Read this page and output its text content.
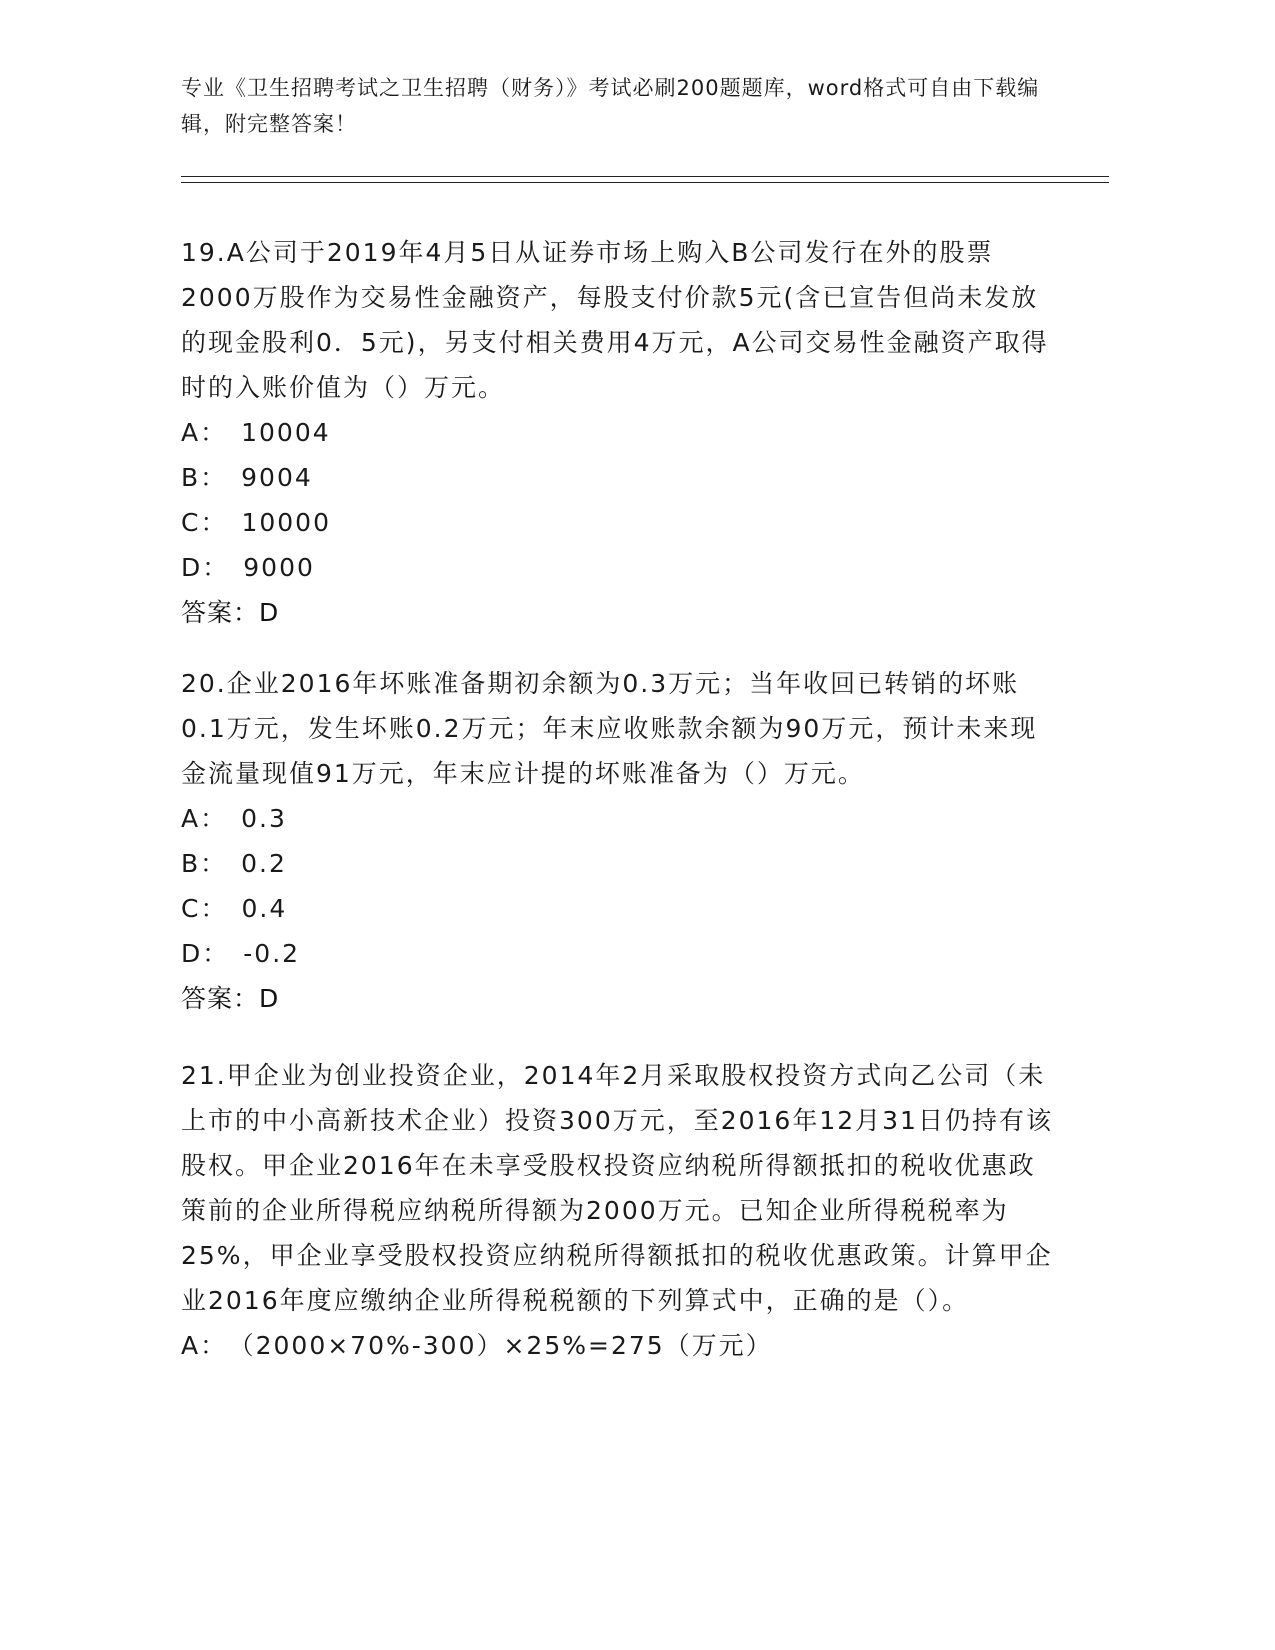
专业《卫生招聘考试之卫生招聘（财务）》考试必刷200题题库，word格式可自由下载编辑，附完整答案！

19.A公司于2019年4月5日从证券市场上购入B公司发行在外的股票2000万股作为交易性金融资产，每股支付价款5元(含已宣告但尚未发放的现金股利0．5元)，另支付相关费用4万元，A公司交易性金融资产取得时的入账价值为（）万元。

A： 10004
B： 9004
C： 10000
D： 9000
答案：D

20.企业2016年坏账准备期初余额为0.3万元；当年收回已转销的坏账0.1万元，发生坏账0.2万元；年末应收账款余额为90万元，预计未来现金流量现值91万元，年末应计提的坏账准备为（）万元。

A： 0.3
B： 0.2
C： 0.4
D： -0.2
答案：D

21.甲企业为创业投资企业，2014年2月采取股权投资方式向乙公司（未上市的中小高新技术企业）投资300万元，至2016年12月31日仍持有该股权。甲企业2016年在未享受股权投资应纳税所得额抵扣的税收优惠政策前的企业所得税应纳税所得额为2000万元。已知企业所得税税率为25%，甲企业享受股权投资应纳税所得额抵扣的税收优惠政策。计算甲企业2016年度应缴纳企业所得税税额的下列算式中，正确的是（）。

A： （2000×70%-300）×25%=275（万元）
